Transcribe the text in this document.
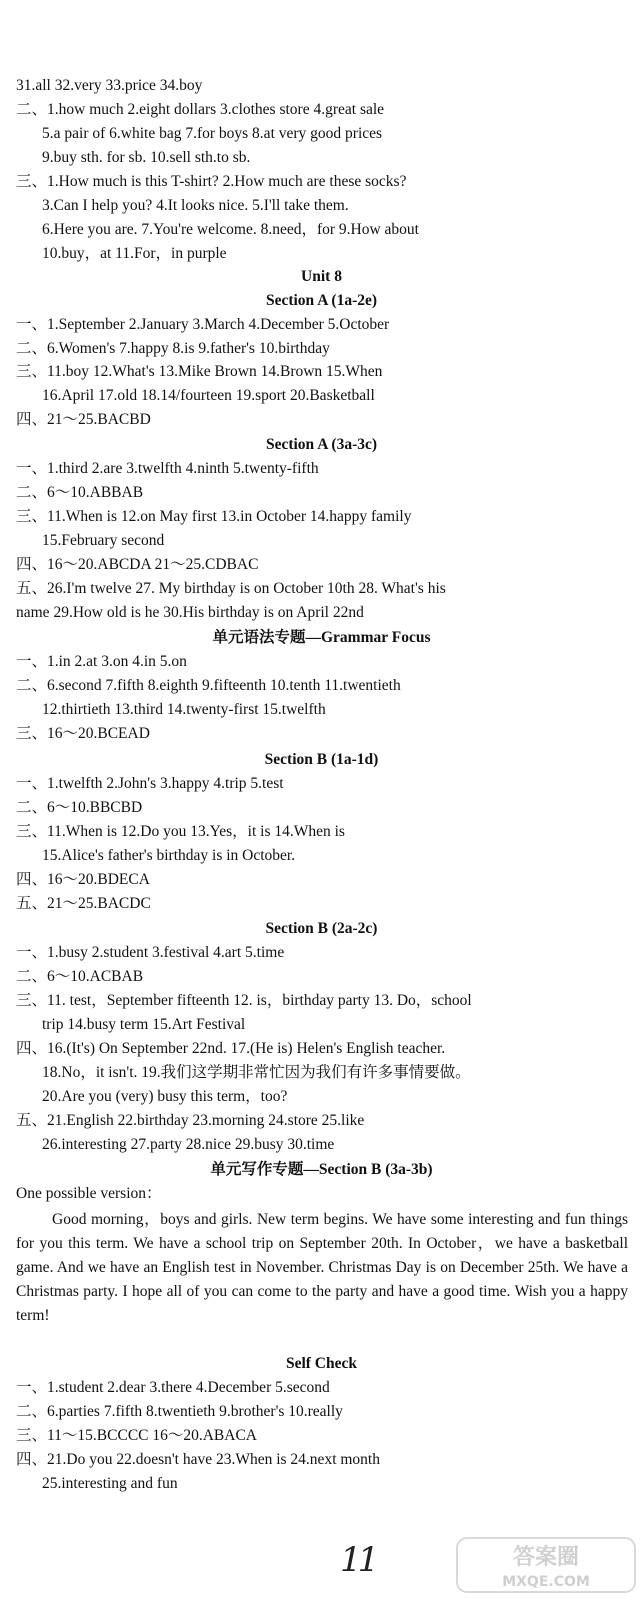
31.all 32.very 33.price 34.boy
二、1.how much 2.eight dollars 3.clothes store 4.great sale
5.a pair of 6.white bag 7.for boys 8.at very good prices
9.buy sth. for sb. 10.sell sth.to sb.
三、1.How much is this T-shirt? 2.How much are these socks?
3.Can I help you? 4.It looks nice. 5.I'll take them.
6.Here you are. 7.You're welcome. 8.need，for 9.How about
10.buy，at 11.For，in purple
Unit 8
Section A (1a-2e)
一、1.September 2.January 3.March 4.December 5.October
二、6.Women's 7.happy 8.is 9.father's 10.birthday
三、11.boy 12.What's 13.Mike Brown 14.Brown 15.When
16.April 17.old 18.14/fourteen 19.sport 20.Basketball
四、21～25.BACBD
Section A (3a-3c)
一、1.third 2.are 3.twelfth 4.ninth 5.twenty-fifth
二、6～10.ABBAB
三、11.When is 12.on May first 13.in October 14.happy family
15.February second
四、16～20.ABCDA 21～25.CDBAC
五、26.I'm twelve 27. My birthday is on October 10th 28. What's his
name 29.How old is he 30.His birthday is on April 22nd
单元语法专题—Grammar Focus
一、1.in 2.at 3.on 4.in 5.on
二、6.second 7.fifth 8.eighth 9.fifteenth 10.tenth 11.twentieth
12.thirtieth 13.third 14.twenty-first 15.twelfth
三、16～20.BCEAD
Section B (1a-1d)
一、1.twelfth 2.John's 3.happy 4.trip 5.test
二、6～10.BBCBD
三、11.When is 12.Do you 13.Yes，it is 14.When is
15.Alice's father's birthday is in October.
四、16～20.BDECA
五、21～25.BACDC
Section B (2a-2c)
一、1.busy 2.student 3.festival 4.art 5.time
二、6～10.ACBAB
三、11. test，September fifteenth 12. is，birthday party 13. Do，school
trip 14.busy term 15.Art Festival
四、16.(It's) On September 22nd. 17.(He is) Helen's English teacher.
18.No，it isn't. 19.我们这学期非常忙因为我们有许多事情要做。
20.Are you (very) busy this term，too?
五、21.English 22.birthday 23.morning 24.store 25.like
26.interesting 27.party 28.nice 29.busy 30.time
单元写作专题—Section B (3a-3b)
One possible version：
Good morning，boys and girls. New term begins. We have some interesting and fun things for you this term. We have a school trip on September 20th. In October，we have a basketball game. And we have an English test in November. Christmas Day is on December 25th. We have a Christmas party. I hope all of you can come to the party and have a good time. Wish you a happy term!
Self Check
一、1.student 2.dear 3.there 4.December 5.second
二、6.parties 7.fifth 8.twentieth 9.brother's 10.really
三、11～15.BCCCC 16～20.ABACA
四、21.Do you 22.doesn't have 23.When is 24.next month
25.interesting and fun
11	答案圈
MXQE.COM
